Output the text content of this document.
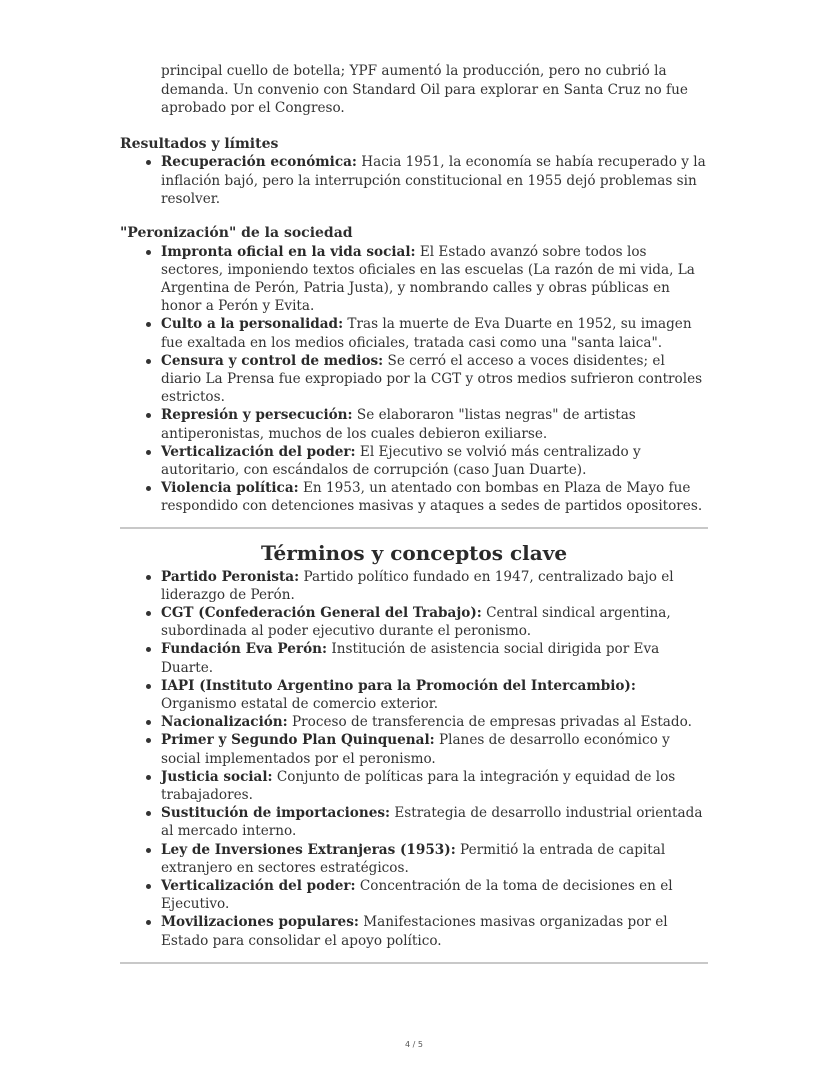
principal cuello de botella; YPF aumentó la producción, pero no cubrió la demanda. Un convenio con Standard Oil para explorar en Santa Cruz no fue aprobado por el Congreso.

Resultados y límites
Recuperación económica: Hacia 1951, la economía se había recuperado y la inflación bajó, pero la interrupción constitucional en 1955 dejó problemas sin resolver.
"Peronización" de la sociedad
Impronta oficial en la vida social: El Estado avanzó sobre todos los sectores, imponiendo textos oficiales en las escuelas (La razón de mi vida, La Argentina de Perón, Patria Justa), y nombrando calles y obras públicas en honor a Perón y Evita.
Culto a la personalidad: Tras la muerte de Eva Duarte en 1952, su imagen fue exaltada en los medios oficiales, tratada casi como una "santa laica".
Censura y control de medios: Se cerró el acceso a voces disidentes; el diario La Prensa fue expropiado por la CGT y otros medios sufrieron controles estrictos.
Represión y persecución: Se elaboraron "listas negras" de artistas antiperonistas, muchos de los cuales debieron exiliarse.
Verticalización del poder: El Ejecutivo se volvió más centralizado y autoritario, con escándalos de corrupción (caso Juan Duarte).
Violencia política: En 1953, un atentado con bombas en Plaza de Mayo fue respondido con detenciones masivas y ataques a sedes de partidos opositores.
Términos y conceptos clave
Partido Peronista: Partido político fundado en 1947, centralizado bajo el liderazgo de Perón.
CGT (Confederación General del Trabajo): Central sindical argentina, subordinada al poder ejecutivo durante el peronismo.
Fundación Eva Perón: Institución de asistencia social dirigida por Eva Duarte.
IAPI (Instituto Argentino para la Promoción del Intercambio): Organismo estatal de comercio exterior.
Nacionalización: Proceso de transferencia de empresas privadas al Estado.
Primer y Segundo Plan Quinquenal: Planes de desarrollo económico y social implementados por el peronismo.
Justicia social: Conjunto de políticas para la integración y equidad de los trabajadores.
Sustitución de importaciones: Estrategia de desarrollo industrial orientada al mercado interno.
Ley de Inversiones Extranjeras (1953): Permitió la entrada de capital extranjero en sectores estratégicos.
Verticalización del poder: Concentración de la toma de decisiones en el Ejecutivo.
Movilizaciones populares: Manifestaciones masivas organizadas por el Estado para consolidar el apoyo político.
4 / 5
